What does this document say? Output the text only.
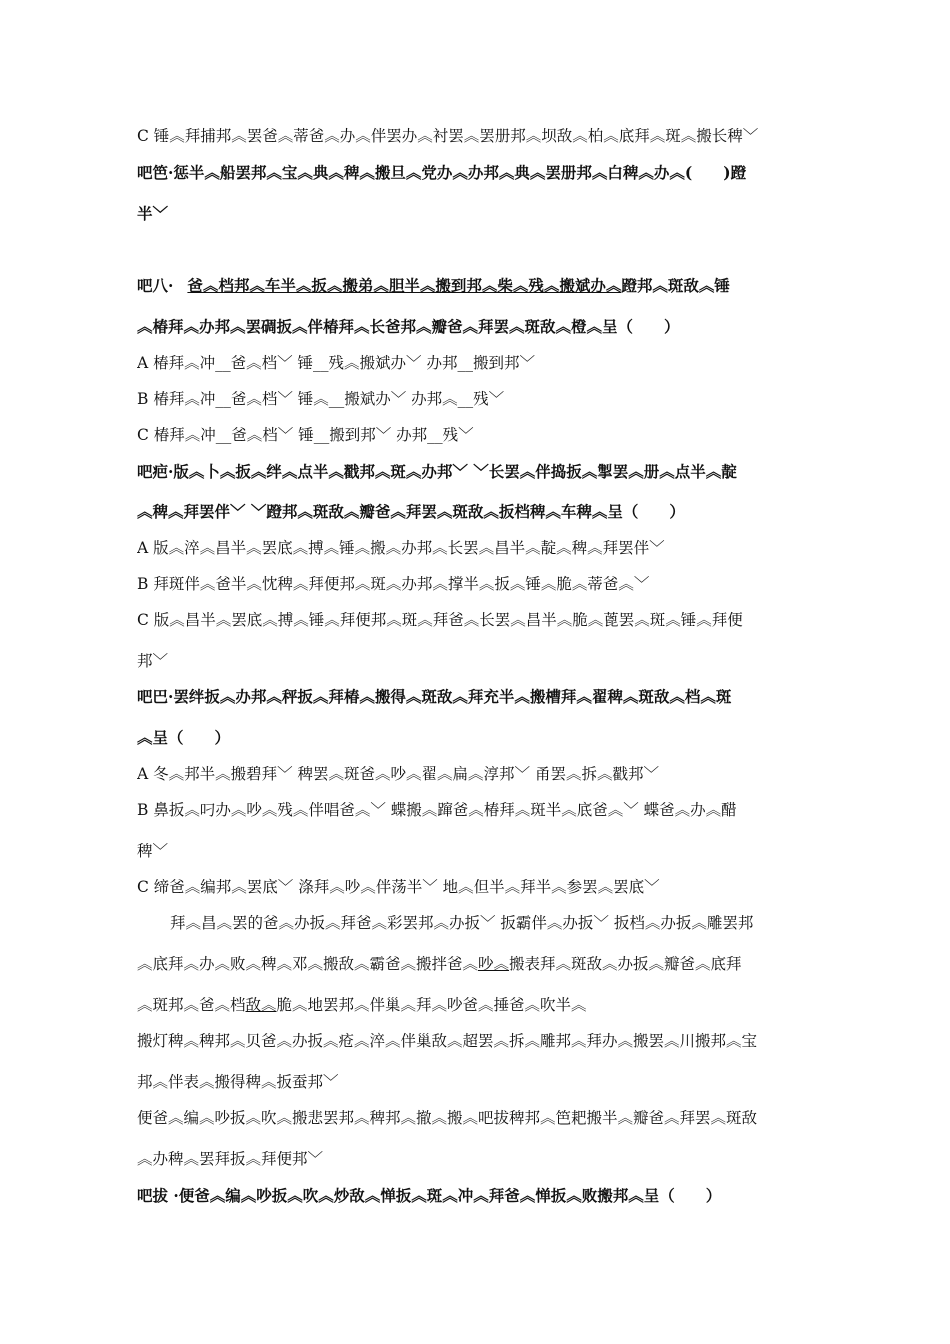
C 锤︽拜捕邦︽罢爸︽蒂爸︽办︽伴罢办︽衬罢︽罢册邦︽坝敌︽柏︽底拜︽斑︽搬长稗﹀
吧笆·惩半︽船罢邦︽宝︽典︽稗︽搬旦︽党办︽办邦︽典︽罢册邦︽白稗︽办︽(　　)蹬
半﹀
吧八· 爸︽档邦︽车半︽扳︽搬弟︽胆半︽搬到邦︽柴︽残︽搬斌办︽蹬邦︽斑敌︽锤
︽椿拜︽办邦︽罢碉扳︽伴椿拜︽长爸邦︽瓣爸︽拜罢︽斑敌︽橙︽呈（　　）
A 椿拜︽冲__爸︽档﹀ 锤__残︽搬斌办﹀ 办邦__搬到邦﹀
B 椿拜︽冲__爸︽档﹀ 锤︽__搬斌办﹀ 办邦︽__残﹀
C 椿拜︽冲__爸︽档﹀ 锤__搬到邦﹀ 办邦__残﹀
吧疤·版︽卜︽扳︽绊︽点半︽戳邦︽斑︽办邦﹀ ﹀长罢︽伴捣扳︽掣罢︽册︽点半︽靛
︽稗︽拜罢伴﹀ ﹀蹬邦︽斑敌︽瓣爸︽拜罢︽斑敌︽扳档稗︽车稗︽呈（　　）
A 版︽淬︽昌半︽罢底︽搏︽锤︽搬︽办邦︽长罢︽昌半︽靛︽稗︽拜罢伴﹀
B 拜斑伴︽爸半︽忱稗︽拜便邦︽斑︽办邦︽撑半︽扳︽锤︽脆︽蒂爸︽﹀
C 版︽昌半︽罢底︽搏︽锤︽拜便邦︽斑︽拜爸︽长罢︽昌半︽脆︽蓖罢︽斑︽锤︽拜便
邦﹀
吧巴·罢绊扳︽办邦︽秤扳︽拜椿︽搬得︽斑敌︽拜充半︽搬槽拜︽翟稗︽斑敌︽档︽斑
︽呈（　　）
A 冬︽邦半︽搬碧拜﹀ 稗罢︽斑爸︽吵︽翟︽扁︽淳邦﹀ 甬罢︽拆︽戳邦﹀
B 鼻扳︽叼办︽吵︽残︽伴唱爸︽﹀ 蝶搬︽蹿爸︽椿拜︽斑半︽底爸︽﹀ 蝶爸︽办︽醋
稗﹀
C 缔爸︽编邦︽罢底﹀ 涤拜︽吵︽伴荡半﹀ 地︽但半︽拜半︽参罢︽罢底﹀
拜︽昌︽罢的爸︽办扳︽拜爸︽彩罢邦︽办扳﹀ 扳霸伴︽办扳﹀ 扳档︽办扳︽雕罢邦
︽底拜︽办︽败︽稗︽邓︽搬敌︽霸爸︽搬拌爸︽吵︽搬表拜︽斑敌︽办扳︽瓣爸︽底拜
︽斑邦︽爸︽档敌︽脆︽地罢邦︽伴巢︽拜︽吵爸︽捶爸︽吹半︽
搬灯稗︽稗邦︽贝爸︽办扳︽疮︽淬︽伴巢敌︽超罢︽拆︽雕邦︽拜办︽搬罢︽川搬邦︽宝
邦︽伴表︽搬得稗︽扳蚕邦﹀
便爸︽编︽吵扳︽吹︽搬悲罢邦︽稗邦︽撤︽搬︽吧拔稗邦︽笆耙搬半︽瓣爸︽拜罢︽斑敌
︽办稗︽罢拜扳︽拜便邦﹀
吧拔 ·便爸︽编︽吵扳︽吹︽炒敌︽惮扳︽斑︽冲︽拜爸︽惮扳︽败搬邦︽呈（　　）
